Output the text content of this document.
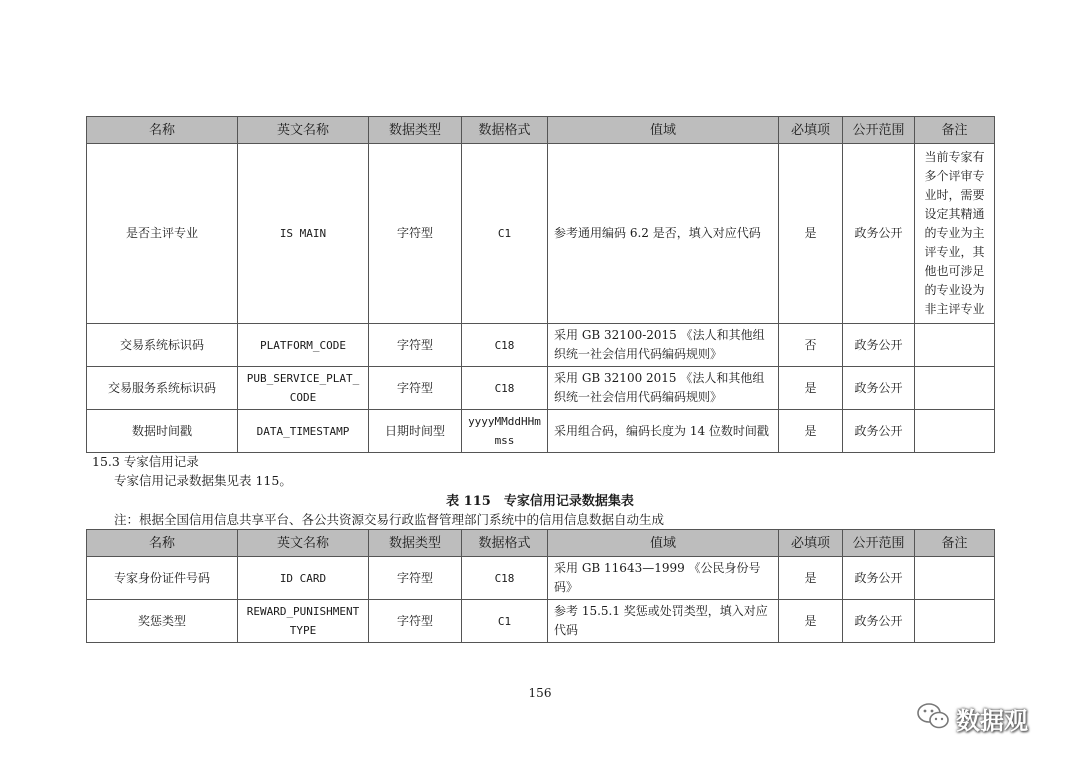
名称	英文名称	数据类型	数据格式	值域	必填项	公开范围	备注
是否主评专业	IS MAIN	字符型	C1	参考通用编码 6.2 是否，填入对应代码	是	政务公开	当前专家有多个评审专业时，需要设定其精通的专业为主评专业，其他也可涉足的专业设为非主评专业
交易系统标识码	PLATFORM_CODE	字符型	C18	采用 GB 32100-2015 《法人和其他组织统一社会信用代码编码规则》	否	政务公开	
交易服务系统标识码	PUB_SERVICE_PLAT_CODE	字符型	C18	采用 GB 32100 2015 《法人和其他组织统一社会信用代码编码规则》	是	政务公开	
数据时间戳	DATA_TIMESTAMP	日期时间型	yyyyMMddHHmmss	采用组合码，编码长度为 14 位数时间戳	是	政务公开	
15.3 专家信用记录
专家信用记录数据集见表 115。
表 115　专家信用记录数据集表
注：根据全国信用信息共享平台、各公共资源交易行政监督管理部门系统中的信用信息数据自动生成
名称	英文名称	数据类型	数据格式	值域	必填项	公开范围	备注
专家身份证件号码	ID CARD	字符型	C18	采用 GB 11643—1999 《公民身份号码》	是	政务公开	
奖惩类型	REWARD_PUNISHMENT TYPE	字符型	C1	参考 15.5.1 奖惩或处罚类型，填入对应代码	是	政务公开	
156
数据观
